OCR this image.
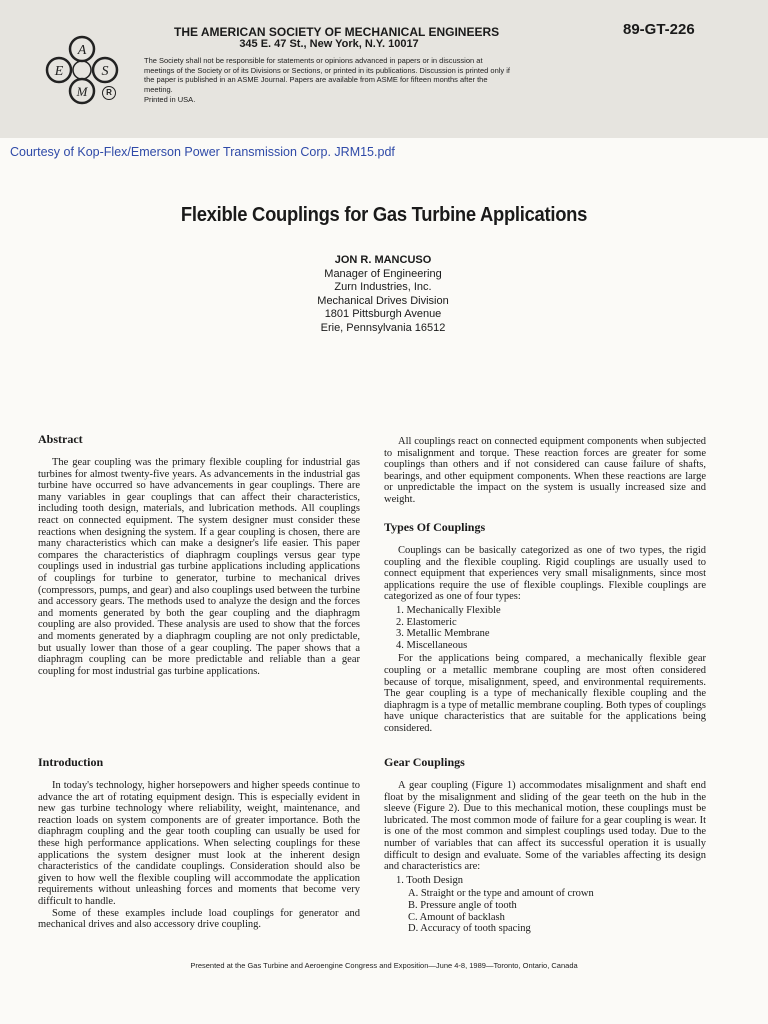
A
E	S
M	R
THE AMERICAN SOCIETY OF MECHANICAL ENGINEERS
345 E. 47 St., New York, N.Y. 10017
89-GT-226
The Society shall not be responsible for statements or opinions advanced in papers or in discussion at meetings of the Society or of its Divisions or Sections, or printed in its publications. Discussion is printed only if the paper is published in an ASME Journal. Papers are available from ASME for fifteen months after the meeting.
Printed in USA.
Courtesy of Kop-Flex/Emerson Power Transmission Corp. JRM15.pdf
Flexible Couplings for Gas Turbine Applications
JON R. MANCUSO
Manager of Engineering
Zurn Industries, Inc.
Mechanical Drives Division
1801 Pittsburgh Avenue
Erie, Pennsylvania 16512
Abstract

The gear coupling was the primary flexible coupling for industrial gas turbines for almost twenty-five years. As advancements in the industrial gas turbine have occurred so have advancements in gear couplings. There are many variables in gear couplings that can affect their characteristics, including tooth design, materials, and lubrication methods. All couplings react on connected equipment. The system designer must consider these reactions when designing the system. If a gear coupling is chosen, there are many characteristics which can make a designer's life easier. This paper compares the characteristics of diaphragm couplings versus gear type couplings used in industrial gas turbine applications including applications of couplings for turbine to generator, turbine to mechanical drives (compressors, pumps, and gear) and also couplings used between the turbine and accessory gears. The methods used to analyze the design and the forces and moments generated by both the gear coupling and the diaphragm coupling are also provided. These analysis are used to show that the forces and moments generated by a diaphragm coupling are not only predictable, but usually lower than those of a gear coupling. The paper shows that a diaphragm coupling can be more predictable and reliable than a gear coupling for most industrial gas turbine applications.

Introduction

In today's technology, higher horsepowers and higher speeds continue to advance the art of rotating equipment design. This is especially evident in new gas turbine technology where reliability, weight, maintenance, and reaction loads on system components are of greater importance. Both the diaphragm coupling and the gear tooth coupling can usually be used for these high performance applications. When selecting couplings for these applications the system designer must look at the inherent design characteristics of the candidate couplings. Consideration should also be given to how well the flexible coupling will accommodate the application requirements without unleashing forces and moments that become very difficult to handle.

Some of these examples include load couplings for generator and mechanical drives and also accessory drive coupling.

All couplings react on connected equipment components when subjected to misalignment and torque. These reaction forces are greater for some couplings than others and if not considered can cause failure of shafts, bearings, and other equipment components. When these reactions are large or unpredictable the impact on the system is usually increased size and weight.

Types Of Couplings

Couplings can be basically categorized as one of two types, the rigid coupling and the flexible coupling. Rigid couplings are usually used to connect equipment that experiences very small misalignments, since most applications require the use of flexible couplings. Flexible couplings are categorized as one of four types:

1. Mechanically Flexible
2. Elastomeric
3. Metallic Membrane
4. Miscellaneous

For the applications being compared, a mechanically flexible gear coupling or a metallic membrane coupling are most often considered because of torque, misalignment, speed, and environmental requirements. The gear coupling is a type of mechanically flexible coupling and the diaphragm is a type of metallic membrane coupling. Both types of couplings have unique characteristics that are suitable for the applications being considered.

Gear Couplings

A gear coupling (Figure 1) accommodates misalignment and shaft end float by the misalignment and sliding of the gear teeth on the hub in the sleeve (Figure 2). Due to this mechanical motion, these couplings must be lubricated. The most common mode of failure for a gear coupling is wear. It is one of the most common and simplest couplings used today. Due to the number of variables that can affect its successful operation it is usually difficult to design and evaluate. Some of the variables affecting its design and characteristics are:

1. Tooth Design
A. Straight or the type and amount of crown
B. Pressure angle of tooth
C. Amount of backlash
D. Accuracy of tooth spacing
Presented at the Gas Turbine and Aeroengine Congress and Exposition—June 4-8, 1989—Toronto, Ontario, Canada
